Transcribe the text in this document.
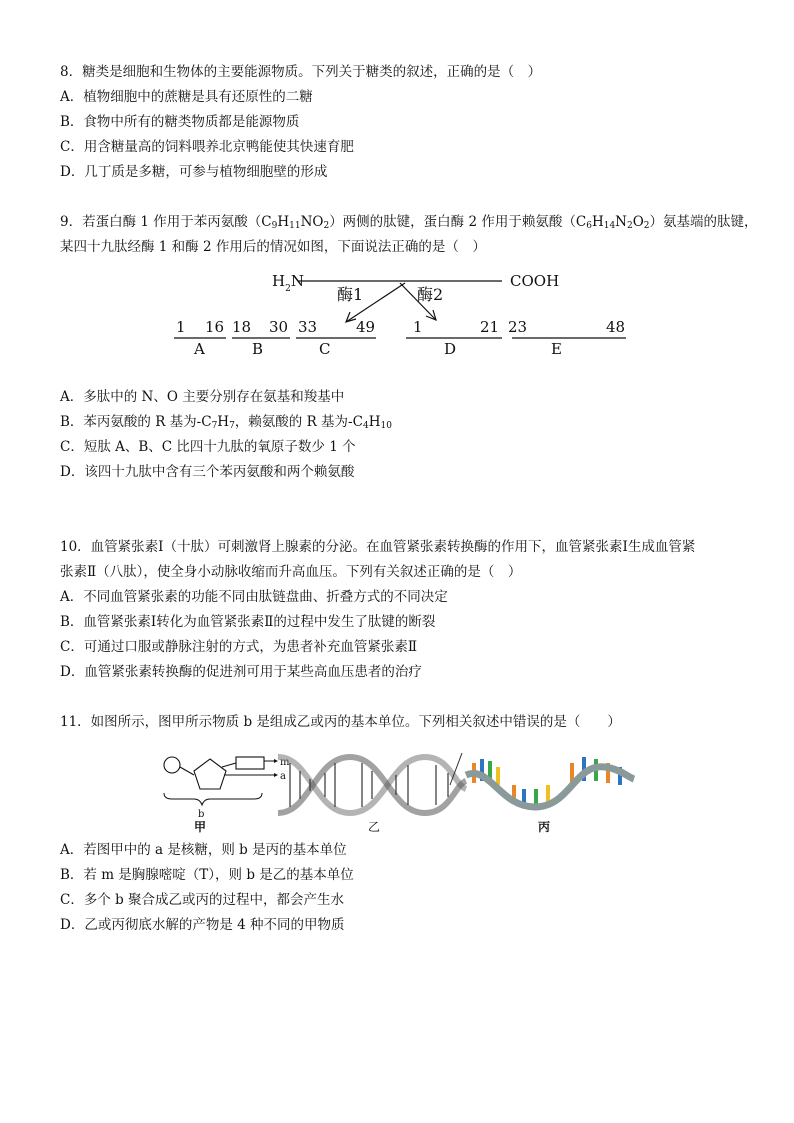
8．糖类是细胞和生物体的主要能源物质。下列关于糖类的叙述，正确的是（　）
A．植物细胞中的蔗糖是具有还原性的二糖
B．食物中所有的糖类物质都是能源物质
C．用含糖量高的饲料喂养北京鸭能使其快速育肥
D．几丁质是多糖，可参与植物细胞壁的形成
9．若蛋白酶 1 作用于苯丙氨酸$(C_9H_{11}NO_2)$两侧的肽键，蛋白酶 2 作用于赖氨酸$(C_6H_{14}N_2O_2)$氨基端的肽键，
某四十九肽经酶 1 和酶 2 作用后的情况如图，下面说法正确的是（　）
$H_2N$	COOH
酶1	酶2
1 16
A
18 30
B
33	49
C
1	21
D
23	48
E
A．多肽中的 N、O 主要分别存在氨基和羧基中
B．苯丙氨酸的 R 基为$-C_7H_7$，赖氨酸的 R 基为$-C_4H_{10}$
C．短肽 A、B、C 比四十九肽的氧原子数少 1 个
D．该四十九肽中含有三个苯丙氨酸和两个赖氨酸
10．血管紧张素Ⅰ（十肽）可刺激肾上腺素的分泌。在血管紧张素转换酶的作用下，血管紧张素Ⅰ生成血管紧
张素Ⅱ（八肽），使全身小动脉收缩而升高血压。下列有关叙述正确的是（　）
A．不同血管紧张素的功能不同由肽链盘曲、折叠方式的不同决定
B．血管紧张素Ⅰ转化为血管紧张素Ⅱ的过程中发生了肽键的断裂
C．可通过口服或静脉注射的方式，为患者补充血管紧张素Ⅱ
D．血管紧张素转换酶的促进剂可用于某些高血压患者的治疗
11．如图所示，图甲所示物质 b 是组成乙或丙的基本单位。下列相关叙述中错误的是（　　）
m
a
b
甲	乙	丙
A．若图甲中的 a 是核糖，则 b 是丙的基本单位
B．若 m 是胸腺嘧啶（T），则 b 是乙的基本单位
C．多个 b 聚合成乙或丙的过程中，都会产生水
D．乙或丙彻底水解的产物是 4 种不同的甲物质
